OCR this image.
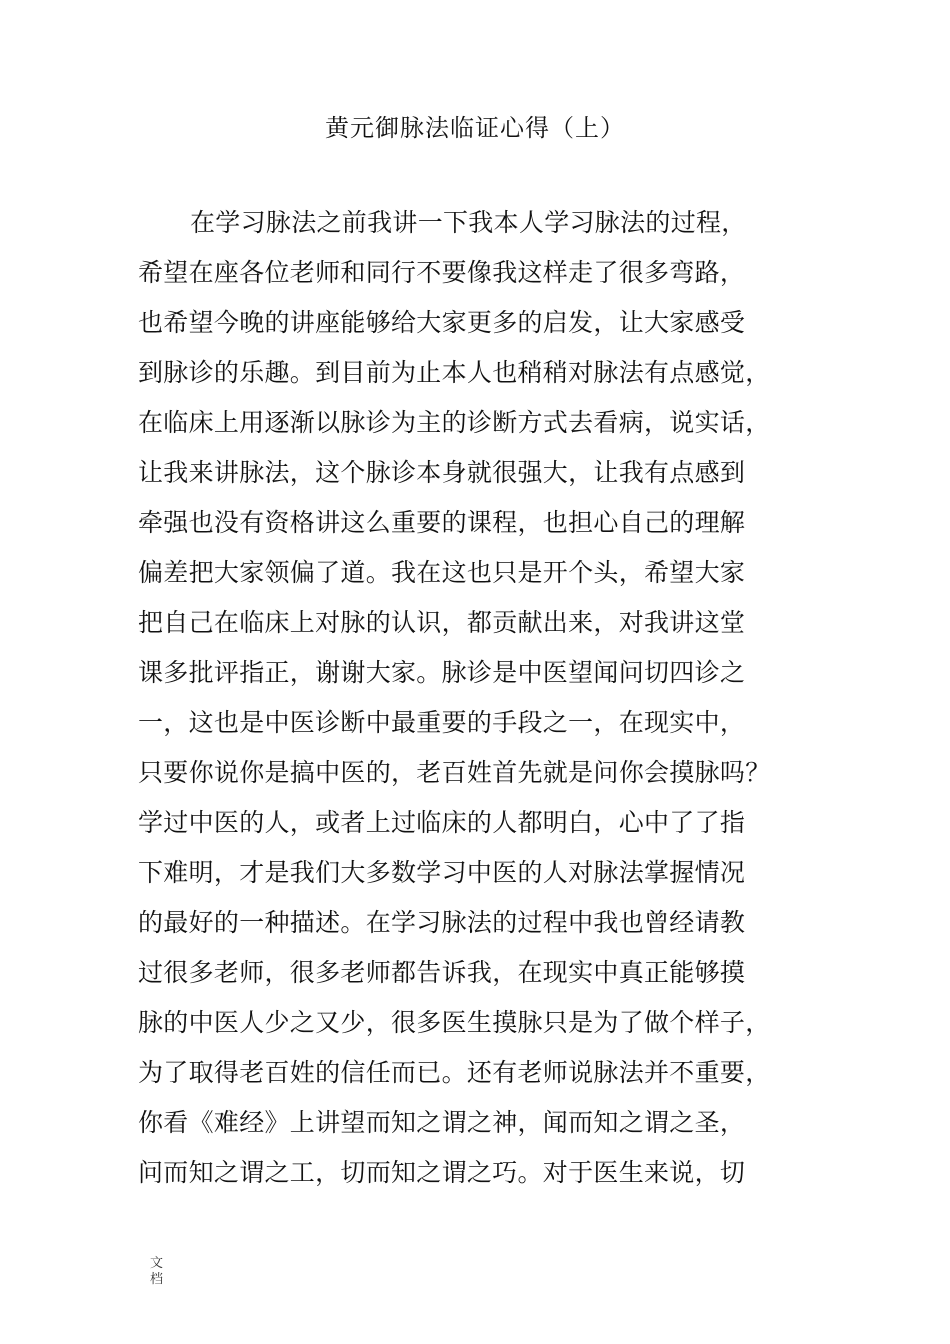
黄元御脉法临证心得（上）
在学习脉法之前我讲一下我本人学习脉法的过程，
希望在座各位老师和同行不要像我这样走了很多弯路，
也希望今晚的讲座能够给大家更多的启发，让大家感受
到脉诊的乐趣。到目前为止本人也稍稍对脉法有点感觉，
在临床上用逐渐以脉诊为主的诊断方式去看病，说实话，
让我来讲脉法，这个脉诊本身就很强大，让我有点感到
牵强也没有资格讲这么重要的课程，也担心自己的理解
偏差把大家领偏了道。我在这也只是开个头，希望大家
把自己在临床上对脉的认识，都贡献出来，对我讲这堂
课多批评指正，谢谢大家。脉诊是中医望闻问切四诊之
一，这也是中医诊断中最重要的手段之一，在现实中，
只要你说你是搞中医的，老百姓首先就是问你会摸脉吗？
学过中医的人，或者上过临床的人都明白，心中了了指
下难明，才是我们大多数学习中医的人对脉法掌握情况
的最好的一种描述。在学习脉法的过程中我也曾经请教
过很多老师，很多老师都告诉我，在现实中真正能够摸
脉的中医人少之又少，很多医生摸脉只是为了做个样子，
为了取得老百姓的信任而已。还有老师说脉法并不重要，
你看《难经》上讲望而知之谓之神，闻而知之谓之圣，
问而知之谓之工，切而知之谓之巧。对于医生来说，切
文档
